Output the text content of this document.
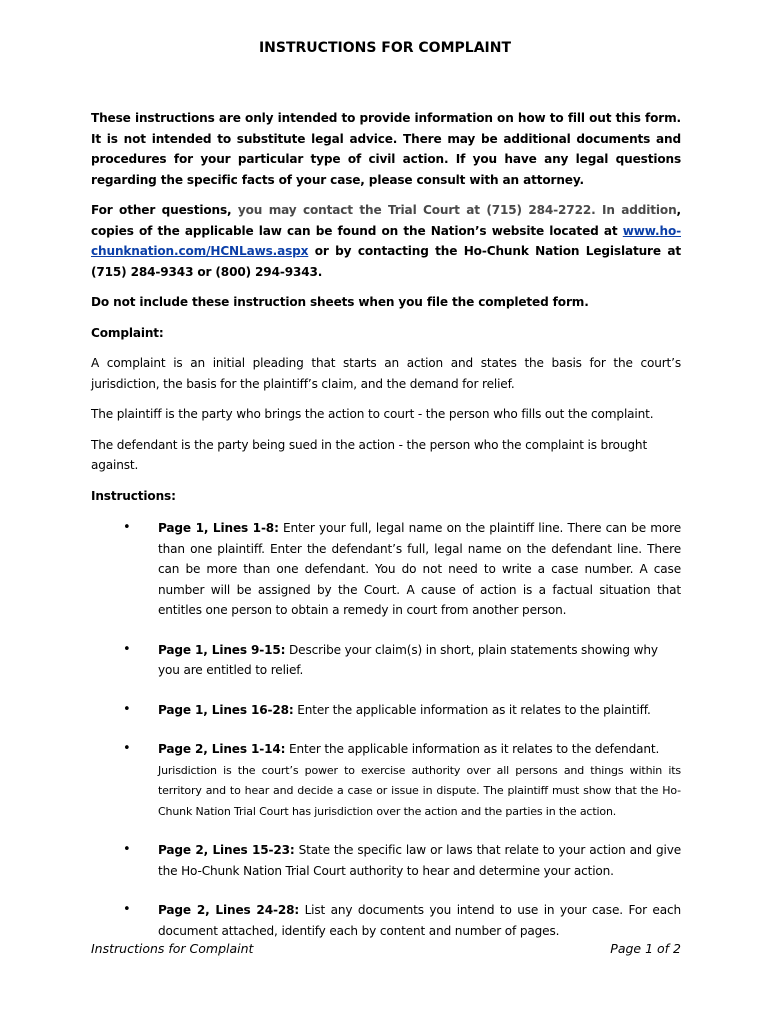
INSTRUCTIONS FOR COMPLAINT

These instructions are only intended to provide information on how to fill out this form. It is not intended to substitute legal advice. There may be additional documents and procedures for your particular type of civil action. If you have any legal questions regarding the specific facts of your case, please consult with an attorney.

For other questions, you may contact the Trial Court at (715) 284-2722. In addition, copies of the applicable law can be found on the Nation’s website located at www.ho-chunknation.com/HCNLaws.aspx or by contacting the Ho-Chunk Nation Legislature at (715) 284-9343 or (800) 294-9343.

Do not include these instruction sheets when you file the completed form.

Complaint:

A complaint is an initial pleading that starts an action and states the basis for the court’s jurisdiction, the basis for the plaintiff’s claim, and the demand for relief.

The plaintiff is the party who brings the action to court - the person who fills out the complaint.

The defendant is the party being sued in the action - the person who the complaint is brought against.

Instructions:

• Page 1, Lines 1-8: Enter your full, legal name on the plaintiff line. There can be more than one plaintiff. Enter the defendant’s full, legal name on the defendant line. There can be more than one defendant. You do not need to write a case number. A case number will be assigned by the Court. A cause of action is a factual situation that entitles one person to obtain a remedy in court from another person.
• Page 1, Lines 9-15: Describe your claim(s) in short, plain statements showing why you are entitled to relief.
• Page 1, Lines 16-28: Enter the applicable information as it relates to the plaintiff.
• Page 2, Lines 1-14: Enter the applicable information as it relates to the defendant.
Jurisdiction is the court’s power to exercise authority over all persons and things within its territory and to hear and decide a case or issue in dispute. The plaintiff must show that the Ho-Chunk Nation Trial Court has jurisdiction over the action and the parties in the action.
• Page 2, Lines 15-23: State the specific law or laws that relate to your action and give the Ho-Chunk Nation Trial Court authority to hear and determine your action.
• Page 2, Lines 24-28: List any documents you intend to use in your case. For each document attached, identify each by content and number of pages.
Instructions for Complaint	Page 1 of 2
